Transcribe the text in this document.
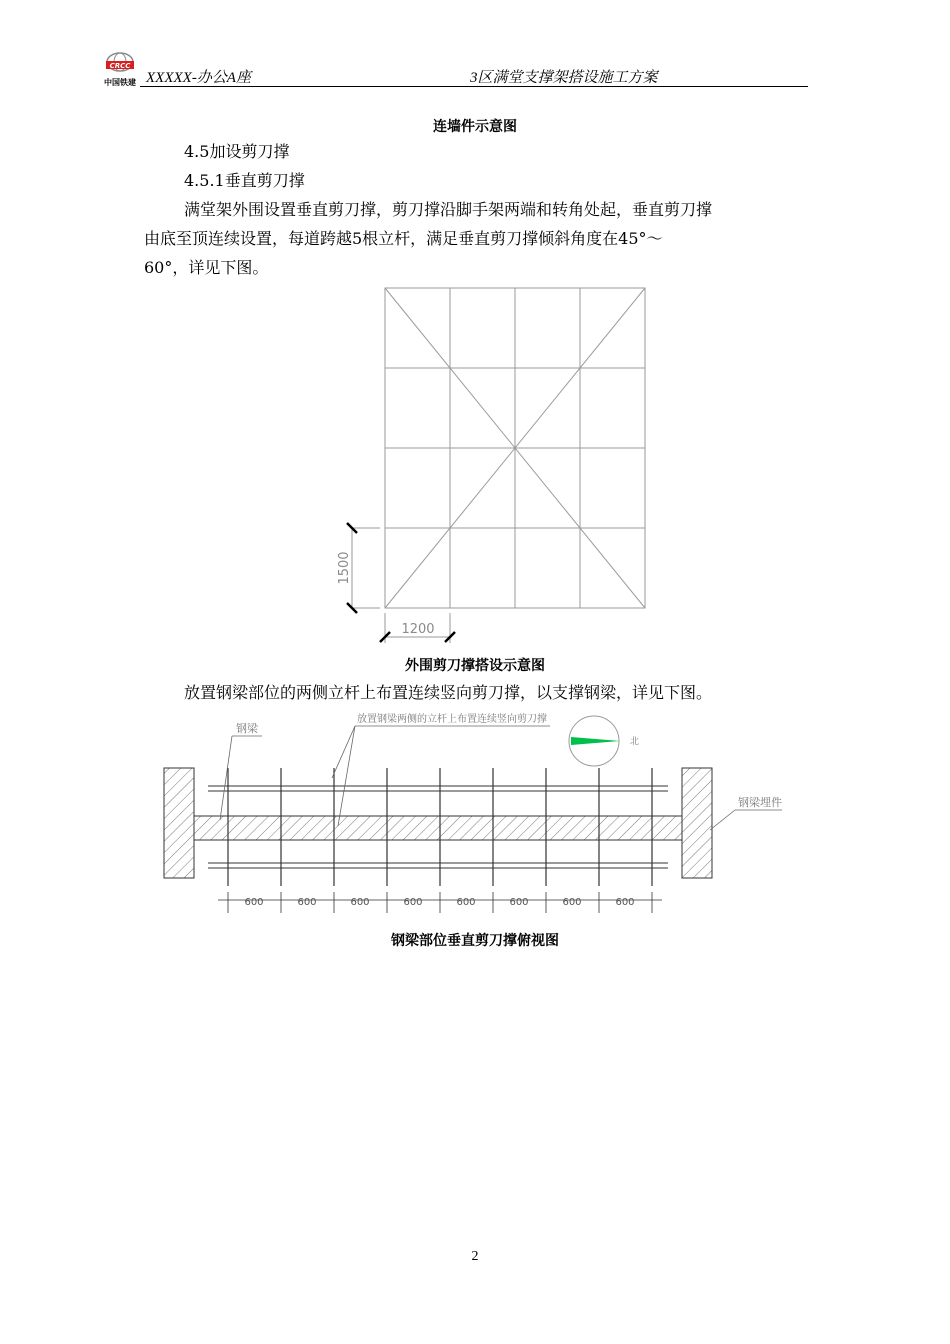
CRCC
中国铁建 XXXXX-办公A座	3区满堂支撑架搭设施工方案
连墙件示意图
4.5加设剪刀撑
4.5.1垂直剪刀撑
满堂架外围设置垂直剪刀撑，剪刀撑沿脚手架两端和转角处起，垂直剪刀撑
由底至顶连续设置，每道跨越5根立杆，满足垂直剪刀撑倾斜角度在45°～
60°，详见下图。
1500
1200
外围剪刀撑搭设示意图
放置钢梁部位的两侧立杆上布置连续竖向剪刀撑，以支撑钢梁，详见下图。
钢梁
放置钢梁两侧的立杆上布置连续竖向剪刀撑
钢梁埋件
北
600	600	600	600	600	600	600	600
钢梁部位垂直剪刀撑俯视图
2
